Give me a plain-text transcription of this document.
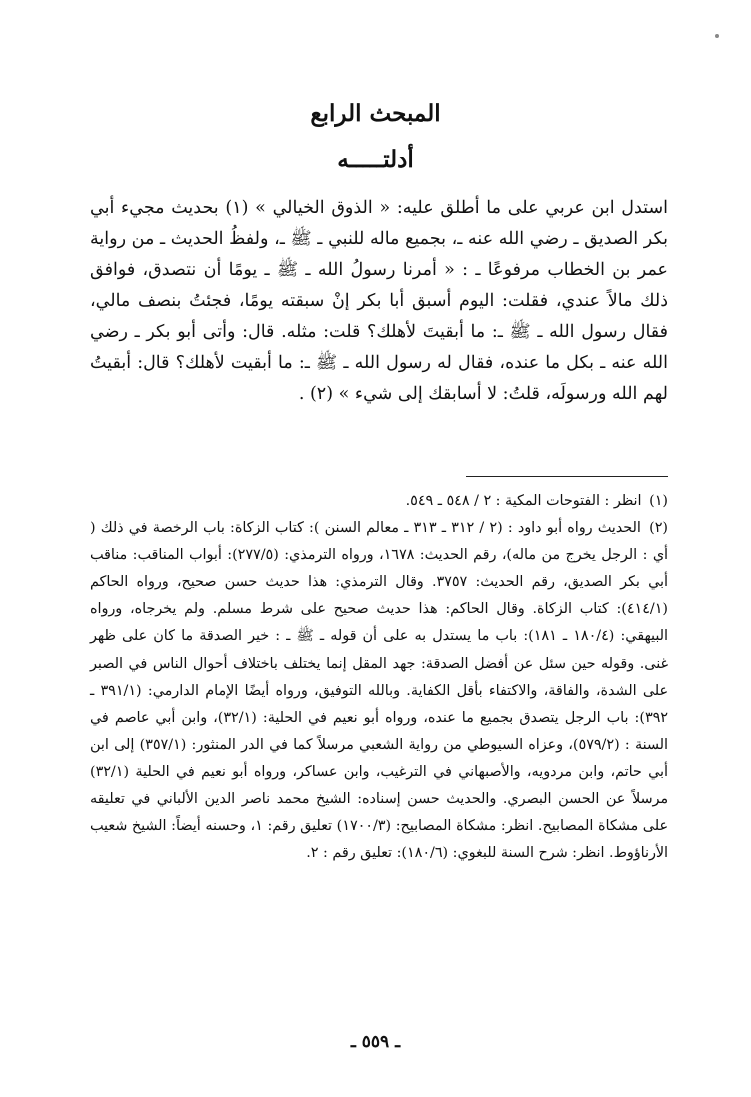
المبحث الرابع
أدلتـــــه

استدل ابن عربي على ما أطلق عليه: « الذوق الخيالي » (١) بحديث مجيء أبي بكر الصديق ـ رضي الله عنه ـ، بجميع ماله للنبي ـ ﷺ ـ، ولفظُ الحديث ـ من رواية عمر بن الخطاب مرفوعًا ـ : « أمرنا رسولُ الله ـ ﷺ ـ يومًا أن نتصدق، فوافق ذلك مالاً عندي، فقلت: اليوم أسبق أبا بكر إنْ سبقته يومًا، فجئتُ بنصف مالي، فقال رسول الله ـ ﷺ ـ: ما أبقيتَ لأهلك؟ قلت: مثله. قال: وأتى أبو بكر ـ رضي الله عنه ـ بكل ما عنده، فقال له رسول الله ـ ﷺ ـ: ما أبقيت لأهلك؟ قال: أبقيتُ لهم الله ورسولَه، قلتُ: لا أسابقك إلى شيء » (٢) .

(١) انظر : الفتوحات المكية : ٢ / ٥٤٨ ـ ٥٤٩.

(٢) الحديث رواه أبو داود : (٢ / ٣١٢ ـ ٣١٣ ـ معالم السنن ): كتاب الزكاة: باب الرخصة في ذلك ( أي : الرجل يخرج من ماله)، رقم الحديث: ١٦٧٨، ورواه الترمذي: (٢٧٧/٥): أبواب المناقب: مناقب أبي بكر الصديق، رقم الحديث: ٣٧٥٧. وقال الترمذي: هذا حديث حسن صحيح، ورواه الحاكم (٤١٤/١): كتاب الزكاة. وقال الحاكم: هذا حديث صحيح على شرط مسلم. ولم يخرجاه، ورواه البيهقي: (١٨٠/٤ ـ ١٨١): باب ما يستدل به على أن قوله ـ ﷺ ـ : خير الصدقة ما كان على ظهر غنى. وقوله حين سئل عن أفضل الصدقة: جهد المقل إنما يختلف باختلاف أحوال الناس في الصبر على الشدة، والفاقة، والاكتفاء بأقل الكفاية. وبالله التوفيق، ورواه أيضًا الإمام الدارمي: (٣٩١/١ ـ ٣٩٢): باب الرجل يتصدق بجميع ما عنده، ورواه أبو نعيم في الحلية: (٣٢/١)، وابن أبي عاصم في السنة : (٥٧٩/٢)، وعزاه السيوطي من رواية الشعبي مرسلاً كما في الدر المنثور: (٣٥٧/١) إلى ابن أبي حاتم، وابن مردويه، والأصبهاني في الترغيب، وابن عساكر، ورواه أبو نعيم في الحلية (٣٢/١) مرسلاً عن الحسن البصري. والحديث حسن إسناده: الشيخ محمد ناصر الدين الألباني في تعليقه على مشكاة المصابيح. انظر: مشكاة المصابيح: (١٧٠٠/٣) تعليق رقم: ١، وحسنه أيضاً: الشيخ شعيب الأرناؤوط. انظر: شرح السنة للبغوي: (١٨٠/٦): تعليق رقم : ٢.

ـ ٥٥٩ ـ
